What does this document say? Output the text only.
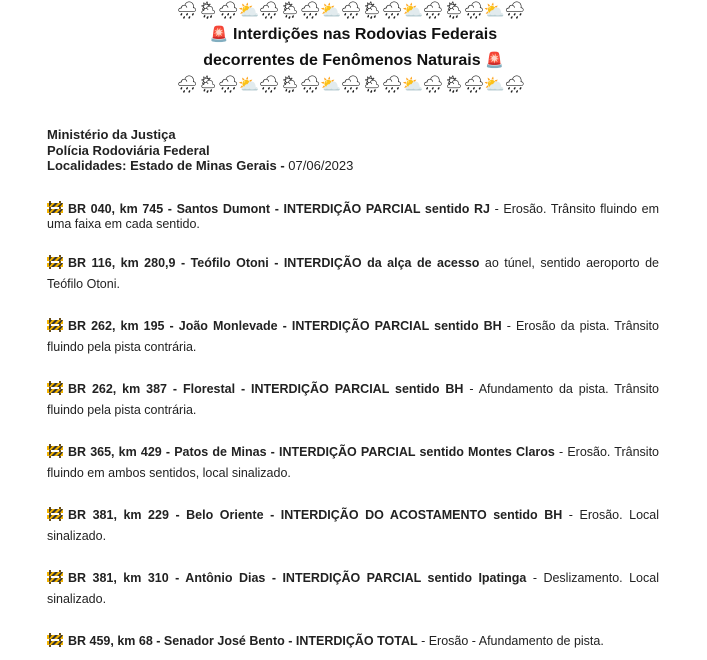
🌧🌦🌧⛅🌧🌦🌧⛅🌧🌦🌧⛅🌧🌦🌧⛅🌧
🚨 Interdições nas Rodovias Federais
decorrentes de Fenômenos Naturais 🚨
🌧🌦🌧⛅🌧🌦🌧⛅🌧🌦🌧⛅🌧🌦🌧⛅🌧
Ministério da Justiça
Polícia Rodoviária Federal
Localidades: Estado de Minas Gerais - 07/06/2023
BR 040, km 745 - Santos Dumont - INTERDIÇÃO PARCIAL sentido RJ - Erosão. Trânsito fluindo em uma faixa em cada sentido.
BR 116, km 280,9 - Teófilo Otoni - INTERDIÇÃO da alça de acesso ao túnel, sentido aeroporto de Teófilo Otoni.
BR 262, km 195 - João Monlevade - INTERDIÇÃO PARCIAL sentido BH - Erosão da pista. Trânsito fluindo pela pista contrária.
BR 262, km 387 - Florestal - INTERDIÇÃO PARCIAL sentido BH - Afundamento da pista. Trânsito fluindo pela pista contrária.
BR 365, km 429 - Patos de Minas - INTERDIÇÃO PARCIAL sentido Montes Claros - Erosão. Trânsito fluindo em ambos sentidos, local sinalizado.
BR 381, km 229 - Belo Oriente - INTERDIÇÃO DO ACOSTAMENTO sentido BH - Erosão. Local sinalizado.
BR 381, km 310 - Antônio Dias - INTERDIÇÃO PARCIAL sentido Ipatinga - Deslizamento. Local sinalizado.
BR 459, km 68 - Senador José Bento - INTERDIÇÃO TOTAL - Erosão - Afundamento de pista.
